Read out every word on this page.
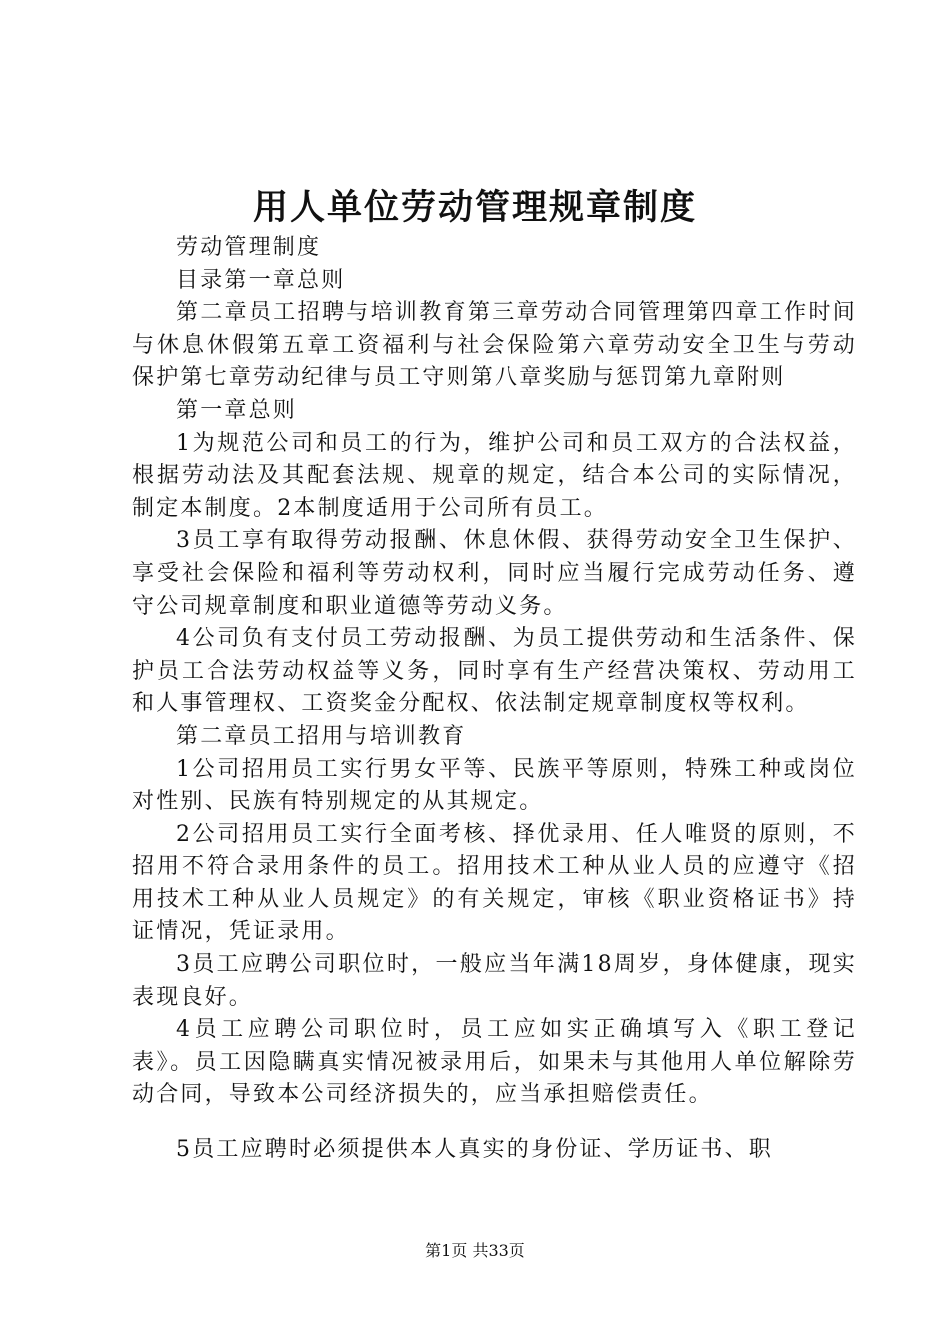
用人单位劳动管理规章制度

劳动管理制度

目录第一章总则

第二章员工招聘与培训教育第三章劳动合同管理第四章工作时间与休息休假第五章工资福利与社会保险第六章劳动安全卫生与劳动保护第七章劳动纪律与员工守则第八章奖励与惩罚第九章附则

第一章总则

1为规范公司和员工的行为，维护公司和员工双方的合法权益，根据劳动法及其配套法规、规章的规定，结合本公司的实际情况，制定本制度。2本制度适用于公司所有员工。

3员工享有取得劳动报酬、休息休假、获得劳动安全卫生保护、享受社会保险和福利等劳动权利，同时应当履行完成劳动任务、遵守公司规章制度和职业道德等劳动义务。

4公司负有支付员工劳动报酬、为员工提供劳动和生活条件、保护员工合法劳动权益等义务，同时享有生产经营决策权、劳动用工和人事管理权、工资奖金分配权、依法制定规章制度权等权利。

第二章员工招用与培训教育

1公司招用员工实行男女平等、民族平等原则，特殊工种或岗位对性别、民族有特别规定的从其规定。

2公司招用员工实行全面考核、择优录用、任人唯贤的原则，不招用不符合录用条件的员工。招用技术工种从业人员的应遵守《招用技术工种从业人员规定》的有关规定，审核《职业资格证书》持证情况，凭证录用。

3员工应聘公司职位时，一般应当年满18周岁，身体健康，现实表现良好。

4员工应聘公司职位时，员工应如实正确填写入《职工登记表》。员工因隐瞒真实情况被录用后，如果未与其他用人单位解除劳动合同，导致本公司经济损失的，应当承担赔偿责任。

5员工应聘时必须提供本人真实的身份证、学历证书、职

第1页 共33页
